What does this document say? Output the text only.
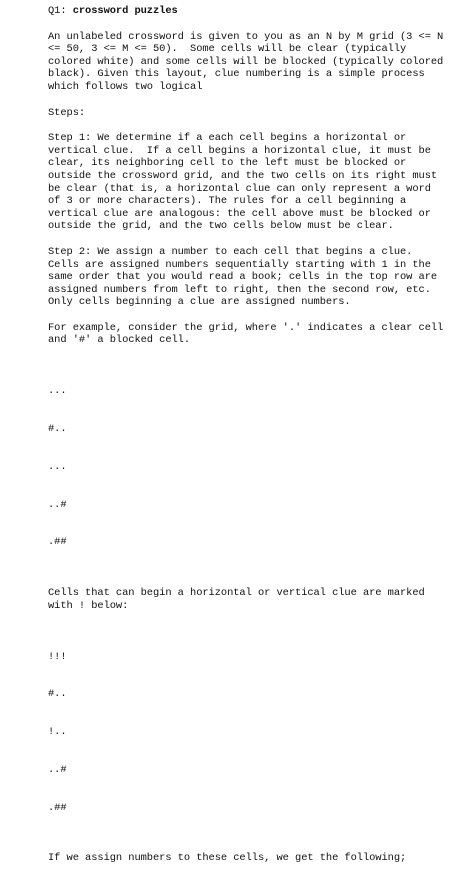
Q1: crossword puzzles
An unlabeled crossword is given to you as an N by M grid (3 <= N
<= 50, 3 <= M <= 50).  Some cells will be clear (typically
colored white) and some cells will be blocked (typically colored
black). Given this layout, clue numbering is a simple process
which follows two logical
Steps:
Step 1: We determine if a each cell begins a horizontal or
vertical clue.  If a cell begins a horizontal clue, it must be
clear, its neighboring cell to the left must be blocked or
outside the crossword grid, and the two cells on its right must
be clear (that is, a horizontal clue can only represent a word
of 3 or more characters). The rules for a cell beginning a
vertical clue are analogous: the cell above must be blocked or
outside the grid, and the two cells below must be clear.
Step 2: We assign a number to each cell that begins a clue.
Cells are assigned numbers sequentially starting with 1 in the
same order that you would read a book; cells in the top row are
assigned numbers from left to right, then the second row, etc.
Only cells beginning a clue are assigned numbers.
For example, consider the grid, where '.' indicates a clear cell
and '#' a blocked cell.

...

#..

...

..#

.##

Cells that can begin a horizontal or vertical clue are marked
with ! below:

!!!

#..

!..

..#

.##

If we assign numbers to these cells, we get the following;
